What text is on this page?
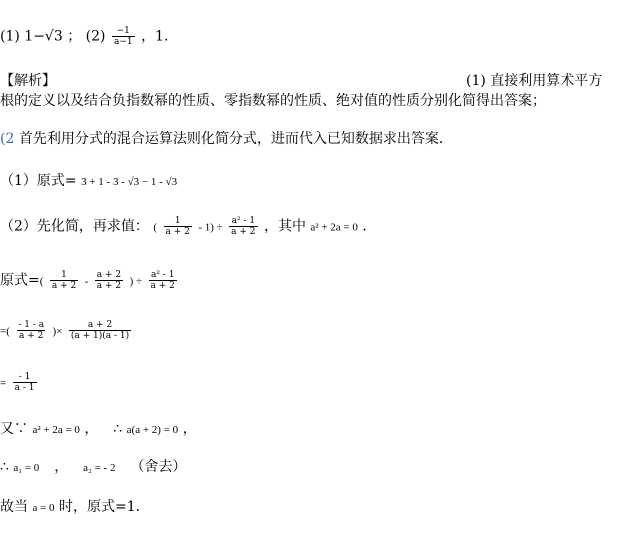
(1) 1−√3 ； $(2) \frac{-1}{a-1}$ ，1.
【解析】	(1) 直接利用算术平方
根的定义以及结合负指数幂的性质、零指数幂的性质、绝对值的性质分别化简得出答案；
(2 首先利用分式的混合运算法则化简分式，进而代入已知数据求出答案．
（1）原式= 3 + 1 - 3 - √3 − 1 - √3
（2）先化简，再求值： ( $\frac{1}{a + 2} - 1) \div \frac{\text{a² - 1}}{a + 2}$ ，其中 a² + 2a = 0 ．
原式=( $\frac{1}{a + 2} - \frac{a + 2}{a + 2}$ ) ÷ $\frac{\text{a² - 1}}{a + 2}$
=( $\frac{- 1 - a}{a + 2}$ )× $\frac{a + 2}{(a + 1)(a - 1)}$
= $\frac{- 1}{a - 1}$
又∵ a² + 2a = 0 ， ∴ a(a + 2) = 0 ，
∴ a₁ = 0 ， a₂ = - 2 （舍去）
故当 a = 0 时，原式=1．
